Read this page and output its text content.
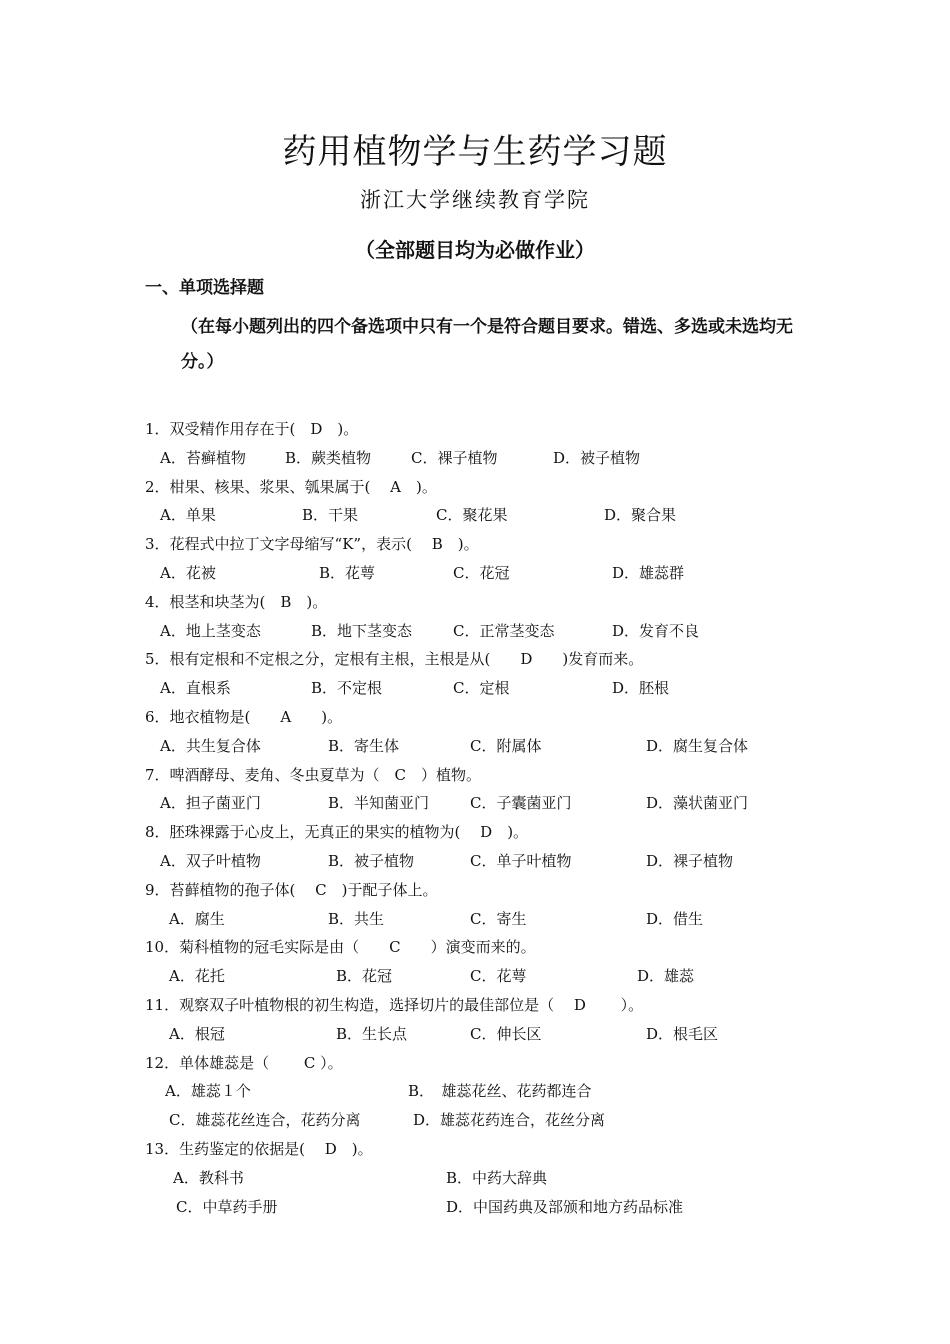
药用植物学与生药学习题
浙江大学继续教育学院
（全部题目均为必做作业）
一、单项选择题
（在每小题列出的四个备选项中只有一个是符合题目要求。错选、多选或未选均无分。）
1．双受精作用存在于(　D　)。
A．苔癣植物	B．蕨类植物	C．裸子植物	D．被子植物
2．柑果、核果、浆果、瓠果属于(　 A　)。
A．单果	B．干果	C．聚花果	D．聚合果
3．花程式中拉丁文字母缩写“K”，表示(　 B　)。
A．花被	B．花萼	C．花冠	D．雄蕊群
4．根茎和块茎为(　B　)。
A．地上茎变态	B．地下茎变态	C．正常茎变态	D．发育不良
5．根有定根和不定根之分，定根有主根，主根是从(　　D　　)发育而来。
A．直根系	B．不定根	C．定根	D．胚根
6．地衣植物是(　　A　　)。
A．共生复合体	B．寄生体	C．附属体	D．腐生复合体
7．啤酒酵母、麦角、冬虫夏草为（　C　）植物。
A．担子菌亚门	B．半知菌亚门	C．子囊菌亚门	D．藻状菌亚门
8．胚珠裸露于心皮上，无真正的果实的植物为(　 D　)。
A．双子叶植物	B．被子植物	C．单子叶植物	D．裸子植物
9．苔藓植物的孢子体(　 C　)于配子体上。
A．腐生	B．共生	C．寄生	D．借生
10．菊科植物的冠毛实际是由（　　C　　）演变而来的。
A．花托	B．花冠	C．花萼	D．雄蕊
11．观察双子叶植物根的初生构造，选择切片的最佳部位是（　 D　　 ）。
A．根冠	B．生长点	C．伸长区	D．根毛区
12．单体雄蕊是（　　 C ）。
A．雄蕊１个	B．　雄蕊花丝、花药都连合
C．雄蕊花丝连合，花药分离	D．雄蕊花药连合，花丝分离
13．生药鉴定的依据是(　 D　)。
A．教科书	B．中药大辞典
C．中草药手册	D．中国药典及部颁和地方药品标准
